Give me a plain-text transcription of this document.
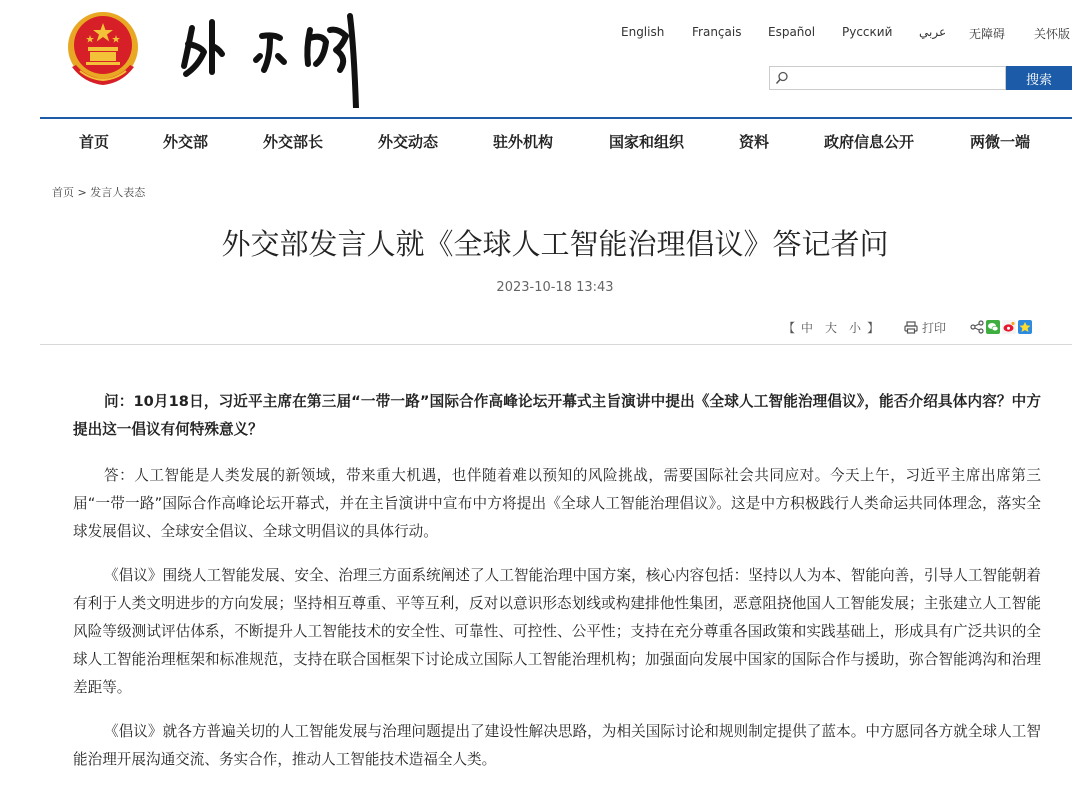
English Français Español Русский عربي 无障碍 关怀版
搜索
首页	外交部	外交部长	外交动态	驻外机构	国家和组织	资料	政府信息公开	两微一端
首页 > 发言人表态
外交部发言人就《全球人工智能治理倡议》答记者问
2023-10-18 13:43
【 中 大 小 】	打印

问：10月18日，习近平主席在第三届“一带一路”国际合作高峰论坛开幕式主旨演讲中提出《全球人工智能治理倡议》，能否介绍具体内容？中方提出这一倡议有何特殊意义？

答：人工智能是人类发展的新领域，带来重大机遇，也伴随着难以预知的风险挑战，需要国际社会共同应对。今天上午，习近平主席出席第三届“一带一路”国际合作高峰论坛开幕式，并在主旨演讲中宣布中方将提出《全球人工智能治理倡议》。这是中方积极践行人类命运共同体理念，落实全球发展倡议、全球安全倡议、全球文明倡议的具体行动。

《倡议》围绕人工智能发展、安全、治理三方面系统阐述了人工智能治理中国方案，核心内容包括：坚持以人为本、智能向善，引导人工智能朝着有利于人类文明进步的方向发展；坚持相互尊重、平等互利，反对以意识形态划线或构建排他性集团，恶意阻挠他国人工智能发展；主张建立人工智能风险等级测试评估体系，不断提升人工智能技术的安全性、可靠性、可控性、公平性；支持在充分尊重各国政策和实践基础上，形成具有广泛共识的全球人工智能治理框架和标准规范，支持在联合国框架下讨论成立国际人工智能治理机构；加强面向发展中国家的国际合作与援助，弥合智能鸿沟和治理差距等。

《倡议》就各方普遍关切的人工智能发展与治理问题提出了建设性解决思路，为相关国际讨论和规则制定提供了蓝本。中方愿同各方就全球人工智能治理开展沟通交流、务实合作，推动人工智能技术造福全人类。
